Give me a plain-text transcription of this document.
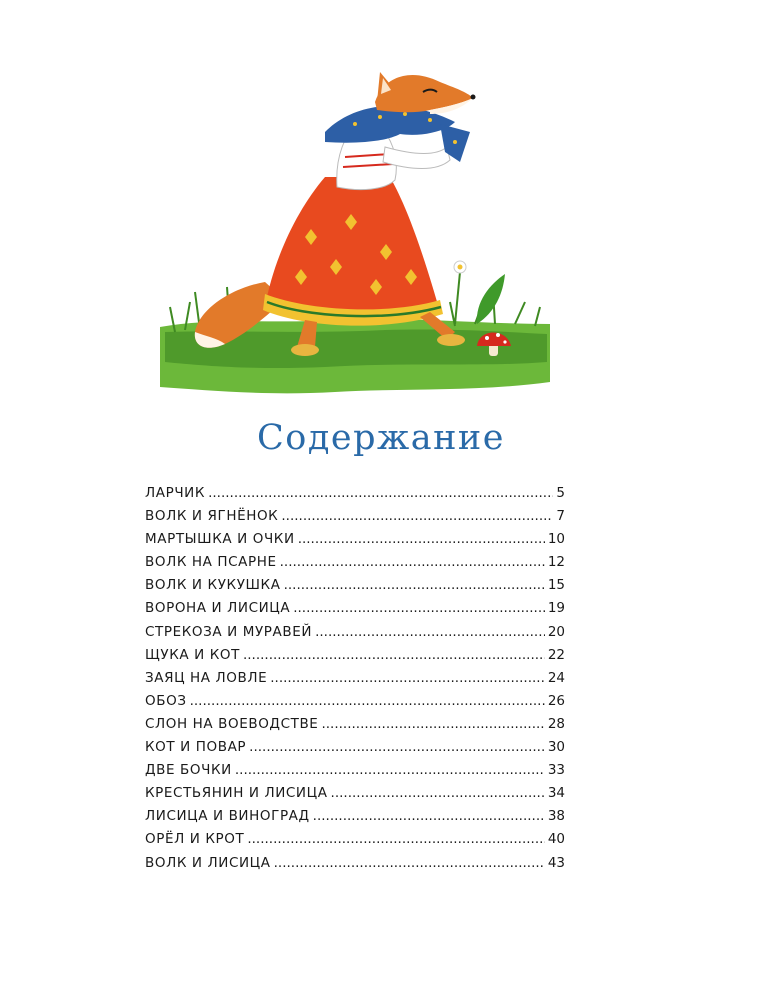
Содержание
ЛАРЧИК .....	5
ВОЛК И ЯГНЁНОК .....	7
МАРТЫШКА И ОЧКИ .....	10
ВОЛК НА ПСАРНЕ .....	12
ВОЛК И КУКУШКА .....	15
ВОРОНА И ЛИСИЦА .....	19
СТРЕКОЗА И МУРАВЕЙ .....	20
ЩУКА И КОТ .....	22
ЗАЯЦ НА ЛОВЛЕ .....	24
ОБОЗ .....	26
СЛОН НА ВОЕВОДСТВЕ .....	28
КОТ И ПОВАР .....	30
ДВЕ БОЧКИ .....	33
КРЕСТЬЯНИН И ЛИСИЦА .....	34
ЛИСИЦА И ВИНОГРАД .....	38
ОРЁЛ И КРОТ .....	40
ВОЛК И ЛИСИЦА .....	43
